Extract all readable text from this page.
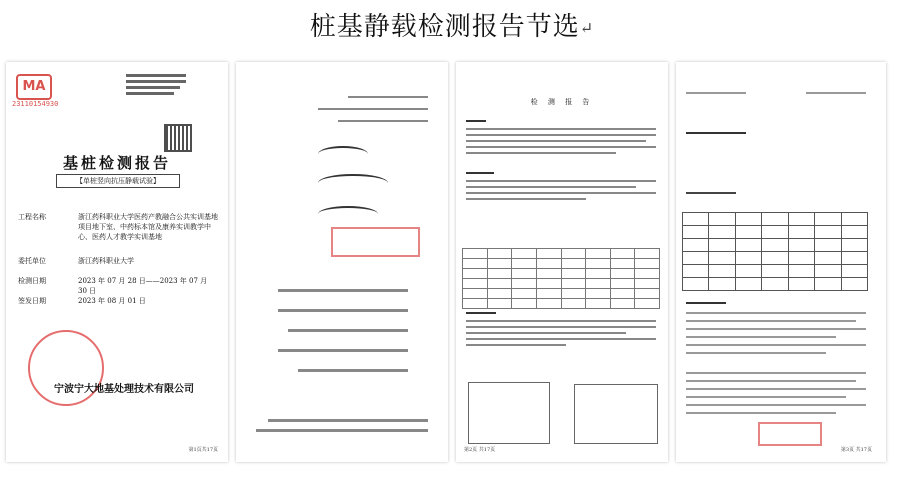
桩基静载检测报告节选↵
MA
23110154930
基桩检测报告
【单桩竖向抗压静载试验】
工程名称	浙江药科职业大学医药产教融合公共实训基地项目地下室、中药标本馆及康养实训教学中心、医药人才教学实训基地
委托单位	浙江药科职业大学
检测日期	2023 年 07 月 28 日——2023 年 07 月 30 日
签发日期	2023 年 08 月 01 日
宁波宁大地基处理技术有限公司
第1页共17页
检 测 报 告

第2页 共17页

							第3页 共17页
